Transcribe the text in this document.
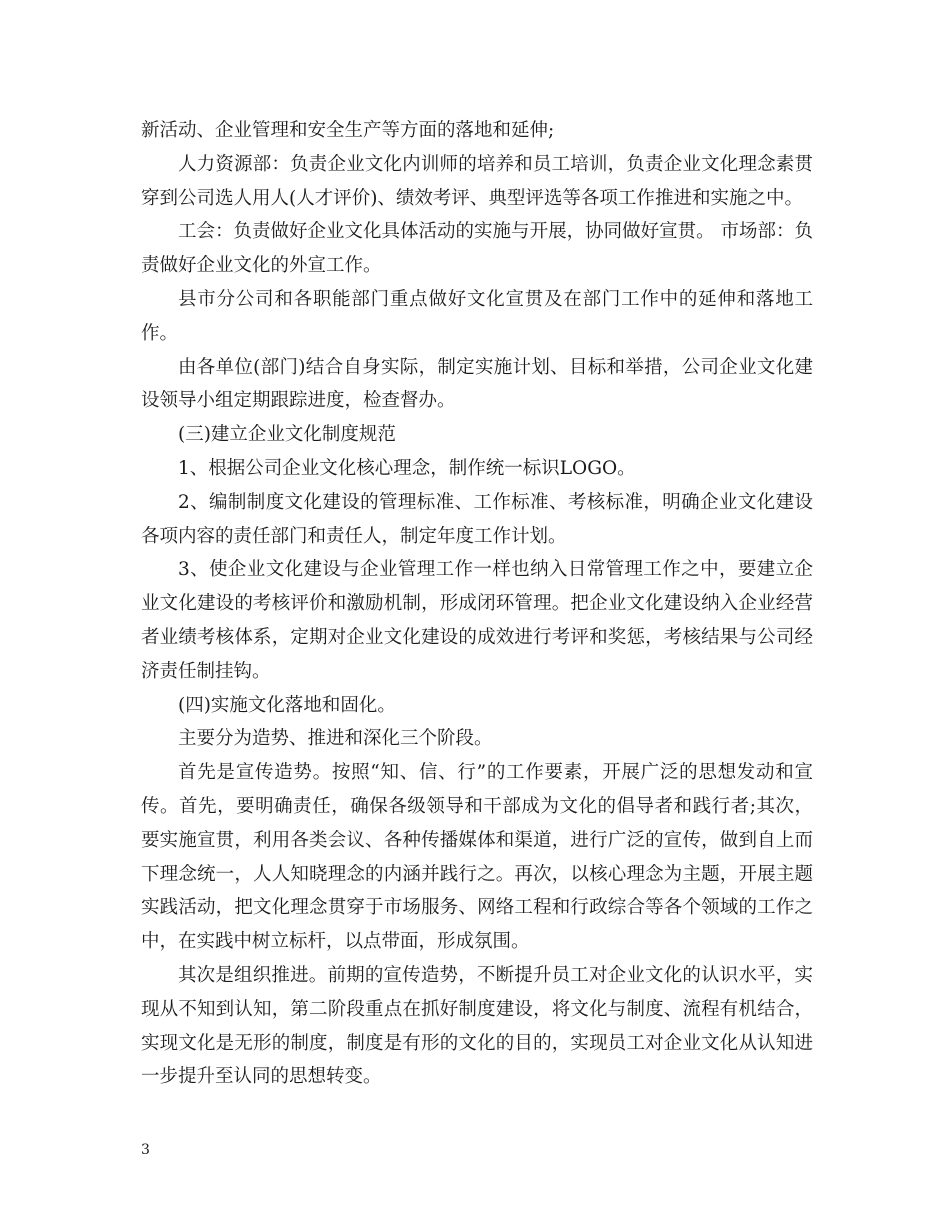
新活动、企业管理和安全生产等方面的落地和延伸;

人力资源部：负责企业文化内训师的培养和员工培训，负责企业文化理念素贯穿到公司选人用人(人才评价)、绩效考评、典型评选等各项工作推进和实施之中。

工会：负责做好企业文化具体活动的实施与开展，协同做好宣贯。 市场部：负责做好企业文化的外宣工作。

县市分公司和各职能部门重点做好文化宣贯及在部门工作中的延伸和落地工作。

由各单位(部门)结合自身实际，制定实施计划、目标和举措，公司企业文化建设领导小组定期跟踪进度，检查督办。

(三)建立企业文化制度规范

1、根据公司企业文化核心理念，制作统一标识LOGO。

2、编制制度文化建设的管理标准、工作标准、考核标准，明确企业文化建设各项内容的责任部门和责任人，制定年度工作计划。

3、使企业文化建设与企业管理工作一样也纳入日常管理工作之中，要建立企业文化建设的考核评价和激励机制，形成闭环管理。把企业文化建设纳入企业经营者业绩考核体系，定期对企业文化建设的成效进行考评和奖惩，考核结果与公司经济责任制挂钩。

(四)实施文化落地和固化。

主要分为造势、推进和深化三个阶段。

首先是宣传造势。按照“知、信、行”的工作要素，开展广泛的思想发动和宣传。首先，要明确责任，确保各级领导和干部成为文化的倡导者和践行者;其次，要实施宣贯，利用各类会议、各种传播媒体和渠道，进行广泛的宣传，做到自上而下理念统一，人人知晓理念的内涵并践行之。再次，以核心理念为主题，开展主题实践活动，把文化理念贯穿于市场服务、网络工程和行政综合等各个领域的工作之中，在实践中树立标杆，以点带面，形成氛围。

其次是组织推进。前期的宣传造势，不断提升员工对企业文化的认识水平，实现从不知到认知，第二阶段重点在抓好制度建设，将文化与制度、流程有机结合，实现文化是无形的制度，制度是有形的文化的目的，实现员工对企业文化从认知进一步提升至认同的思想转变。

3
